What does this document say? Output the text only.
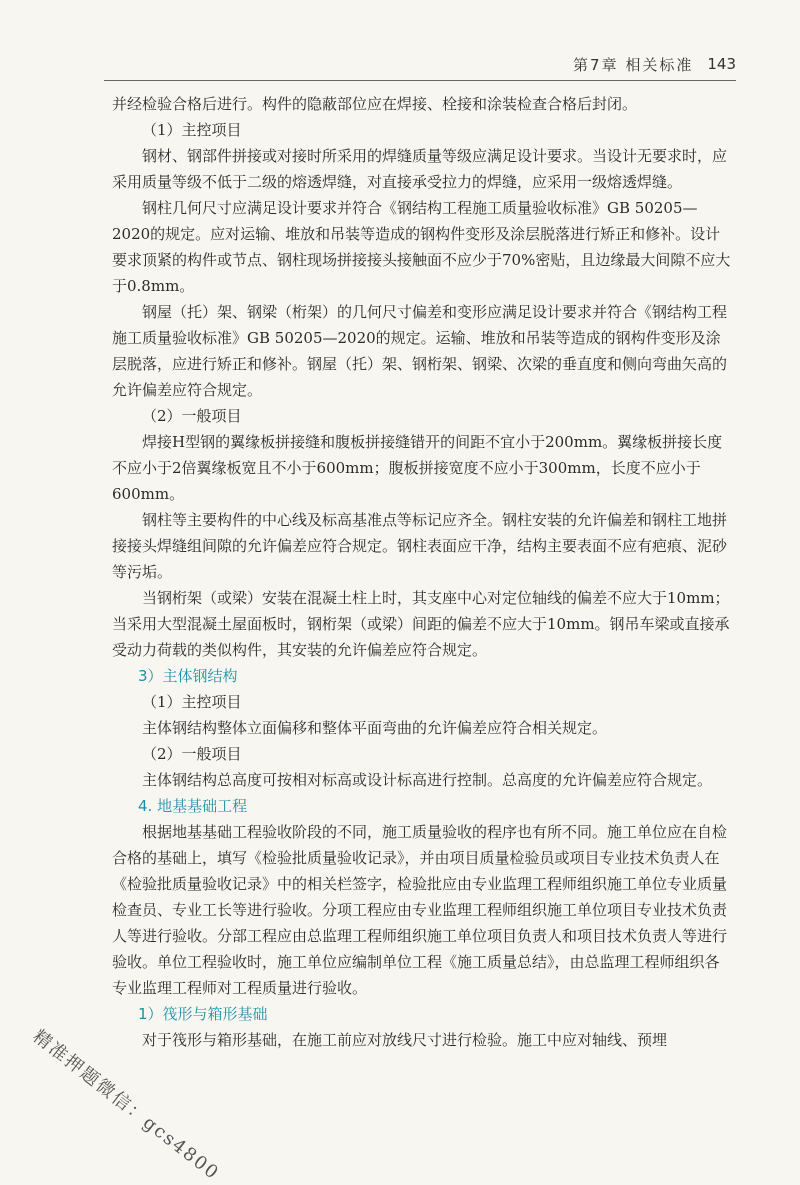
第7章 相关标准 143

并经检验合格后进行。构件的隐蔽部位应在焊接、栓接和涂装检查合格后封闭。

（1）主控项目

钢材、钢部件拼接或对接时所采用的焊缝质量等级应满足设计要求。当设计无要求时，应采用质量等级不低于二级的熔透焊缝，对直接承受拉力的焊缝，应采用一级熔透焊缝。

钢柱几何尺寸应满足设计要求并符合《钢结构工程施工质量验收标准》GB 50205—2020的规定。应对运输、堆放和吊装等造成的钢构件变形及涂层脱落进行矫正和修补。设计要求顶紧的构件或节点、钢柱现场拼接接头接触面不应少于70%密贴，且边缘最大间隙不应大于0.8mm。

钢屋（托）架、钢梁（桁架）的几何尺寸偏差和变形应满足设计要求并符合《钢结构工程施工质量验收标准》GB 50205—2020的规定。运输、堆放和吊装等造成的钢构件变形及涂层脱落，应进行矫正和修补。钢屋（托）架、钢桁架、钢梁、次梁的垂直度和侧向弯曲矢高的允许偏差应符合规定。

（2）一般项目

焊接H型钢的翼缘板拼接缝和腹板拼接缝错开的间距不宜小于200mm。翼缘板拼接长度不应小于2倍翼缘板宽且不小于600mm；腹板拼接宽度不应小于300mm，长度不应小于600mm。

钢柱等主要构件的中心线及标高基准点等标记应齐全。钢柱安装的允许偏差和钢柱工地拼接接头焊缝组间隙的允许偏差应符合规定。钢柱表面应干净，结构主要表面不应有疤痕、泥砂等污垢。

当钢桁架（或梁）安装在混凝土柱上时，其支座中心对定位轴线的偏差不应大于10mm；当采用大型混凝土屋面板时，钢桁架（或梁）间距的偏差不应大于10mm。钢吊车梁或直接承受动力荷载的类似构件，其安装的允许偏差应符合规定。

3）主体钢结构

（1）主控项目

主体钢结构整体立面偏移和整体平面弯曲的允许偏差应符合相关规定。

（2）一般项目

主体钢结构总高度可按相对标高或设计标高进行控制。总高度的允许偏差应符合规定。

4. 地基基础工程

根据地基基础工程验收阶段的不同，施工质量验收的程序也有所不同。施工单位应在自检合格的基础上，填写《检验批质量验收记录》，并由项目质量检验员或项目专业技术负责人在《检验批质量验收记录》中的相关栏签字，检验批应由专业监理工程师组织施工单位专业质量检查员、专业工长等进行验收。分项工程应由专业监理工程师组织施工单位项目专业技术负责人等进行验收。分部工程应由总监理工程师组织施工单位项目负责人和项目技术负责人等进行验收。单位工程验收时，施工单位应编制单位工程《施工质量总结》，由总监理工程师组织各专业监理工程师对工程质量进行验收。

1）筏形与箱形基础

对于筏形与箱形基础，在施工前应对放线尺寸进行检验。施工中应对轴线、预埋

精准押题微信：gcs4800
